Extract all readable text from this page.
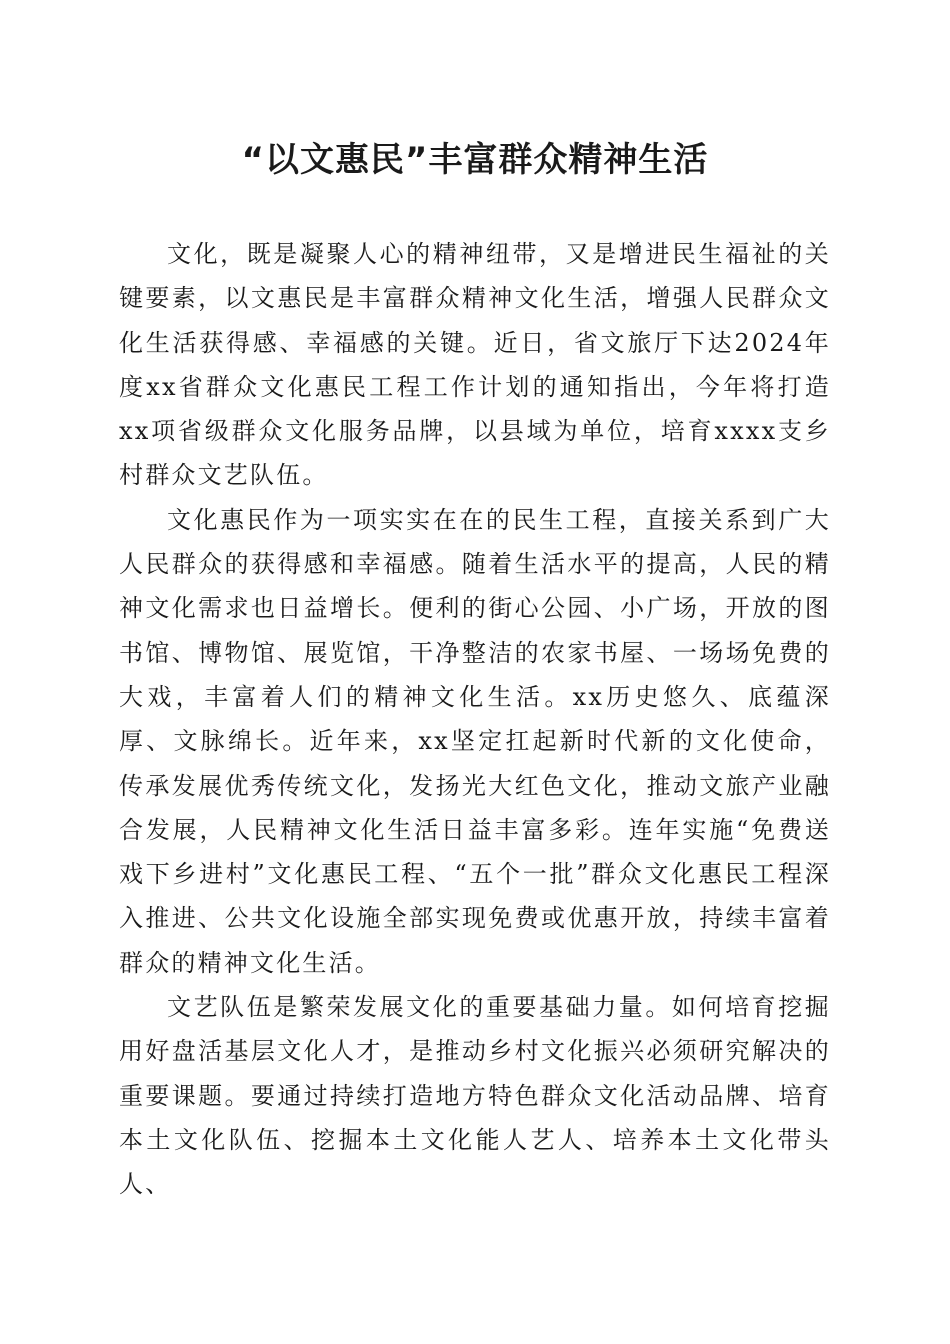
“以文惠民”丰富群众精神生活

文化，既是凝聚人心的精神纽带，又是增进民生福祉的关键要素，以文惠民是丰富群众精神文化生活，增强人民群众文化生活获得感、幸福感的关键。近日，省文旅厅下达2024年度xx省群众文化惠民工程工作计划的通知指出，今年将打造xx项省级群众文化服务品牌，以县域为单位，培育xxxx支乡村群众文艺队伍。

文化惠民作为一项实实在在的民生工程，直接关系到广大人民群众的获得感和幸福感。随着生活水平的提高，人民的精神文化需求也日益增长。便利的街心公园、小广场，开放的图书馆、博物馆、展览馆，干净整洁的农家书屋、一场场免费的大戏，丰富着人们的精神文化生活。xx历史悠久、底蕴深厚、文脉绵长。近年来，xx坚定扛起新时代新的文化使命，传承发展优秀传统文化，发扬光大红色文化，推动文旅产业融合发展，人民精神文化生活日益丰富多彩。连年实施“免费送戏下乡进村”文化惠民工程、“五个一批”群众文化惠民工程深入推进、公共文化设施全部实现免费或优惠开放，持续丰富着群众的精神文化生活。

文艺队伍是繁荣发展文化的重要基础力量。如何培育挖掘用好盘活基层文化人才，是推动乡村文化振兴必须研究解决的重要课题。要通过持续打造地方特色群众文化活动品牌、培育本土文化队伍、挖掘本土文化能人艺人、培养本土文化带头人、
